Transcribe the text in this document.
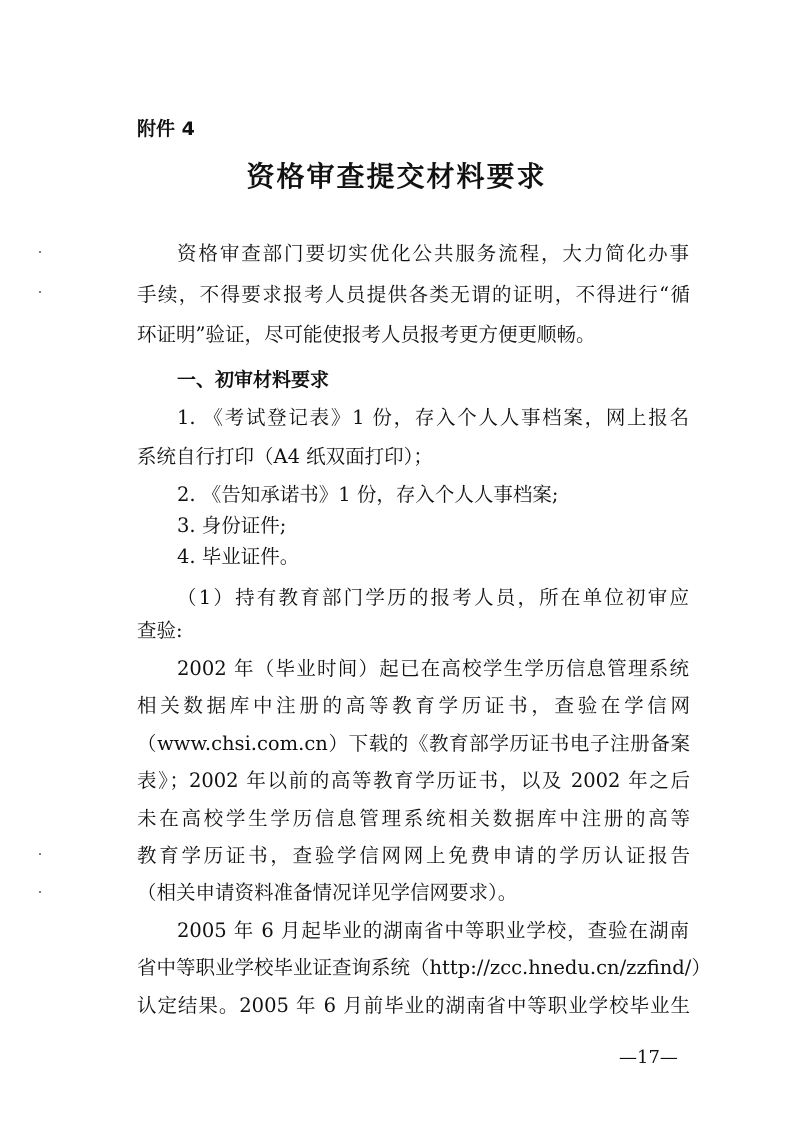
附件 4
资格审查提交材料要求
资格审查部门要切实优化公共服务流程，大力简化办事
手续，不得要求报考人员提供各类无谓的证明，不得进行“循
环证明”验证，尽可能使报考人员报考更方便更顺畅。
一、初审材料要求
1. 《考试登记表》1 份，存入个人人事档案，网上报名
系统自行打印（A4 纸双面打印）；
2. 《告知承诺书》1 份，存入个人人事档案;
3. 身份证件;
4. 毕业证件。
（1）持有教育部门学历的报考人员，所在单位初审应
查验:
2002 年（毕业时间）起已在高校学生学历信息管理系统
相关数据库中注册的高等教育学历证书，查验在学信网
（www.chsi.com.cn）下载的《教育部学历证书电子注册备案
表》；2002 年以前的高等教育学历证书，以及 2002 年之后
未在高校学生学历信息管理系统相关数据库中注册的高等
教育学历证书，查验学信网网上免费申请的学历认证报告
（相关申请资料准备情况详见学信网要求）。
2005 年 6 月起毕业的湖南省中等职业学校，查验在湖南
省中等职业学校毕业证查询系统（http://zcc.hnedu.cn/zzfind/）
认定结果。2005 年 6 月前毕业的湖南省中等职业学校毕业生
—17—
